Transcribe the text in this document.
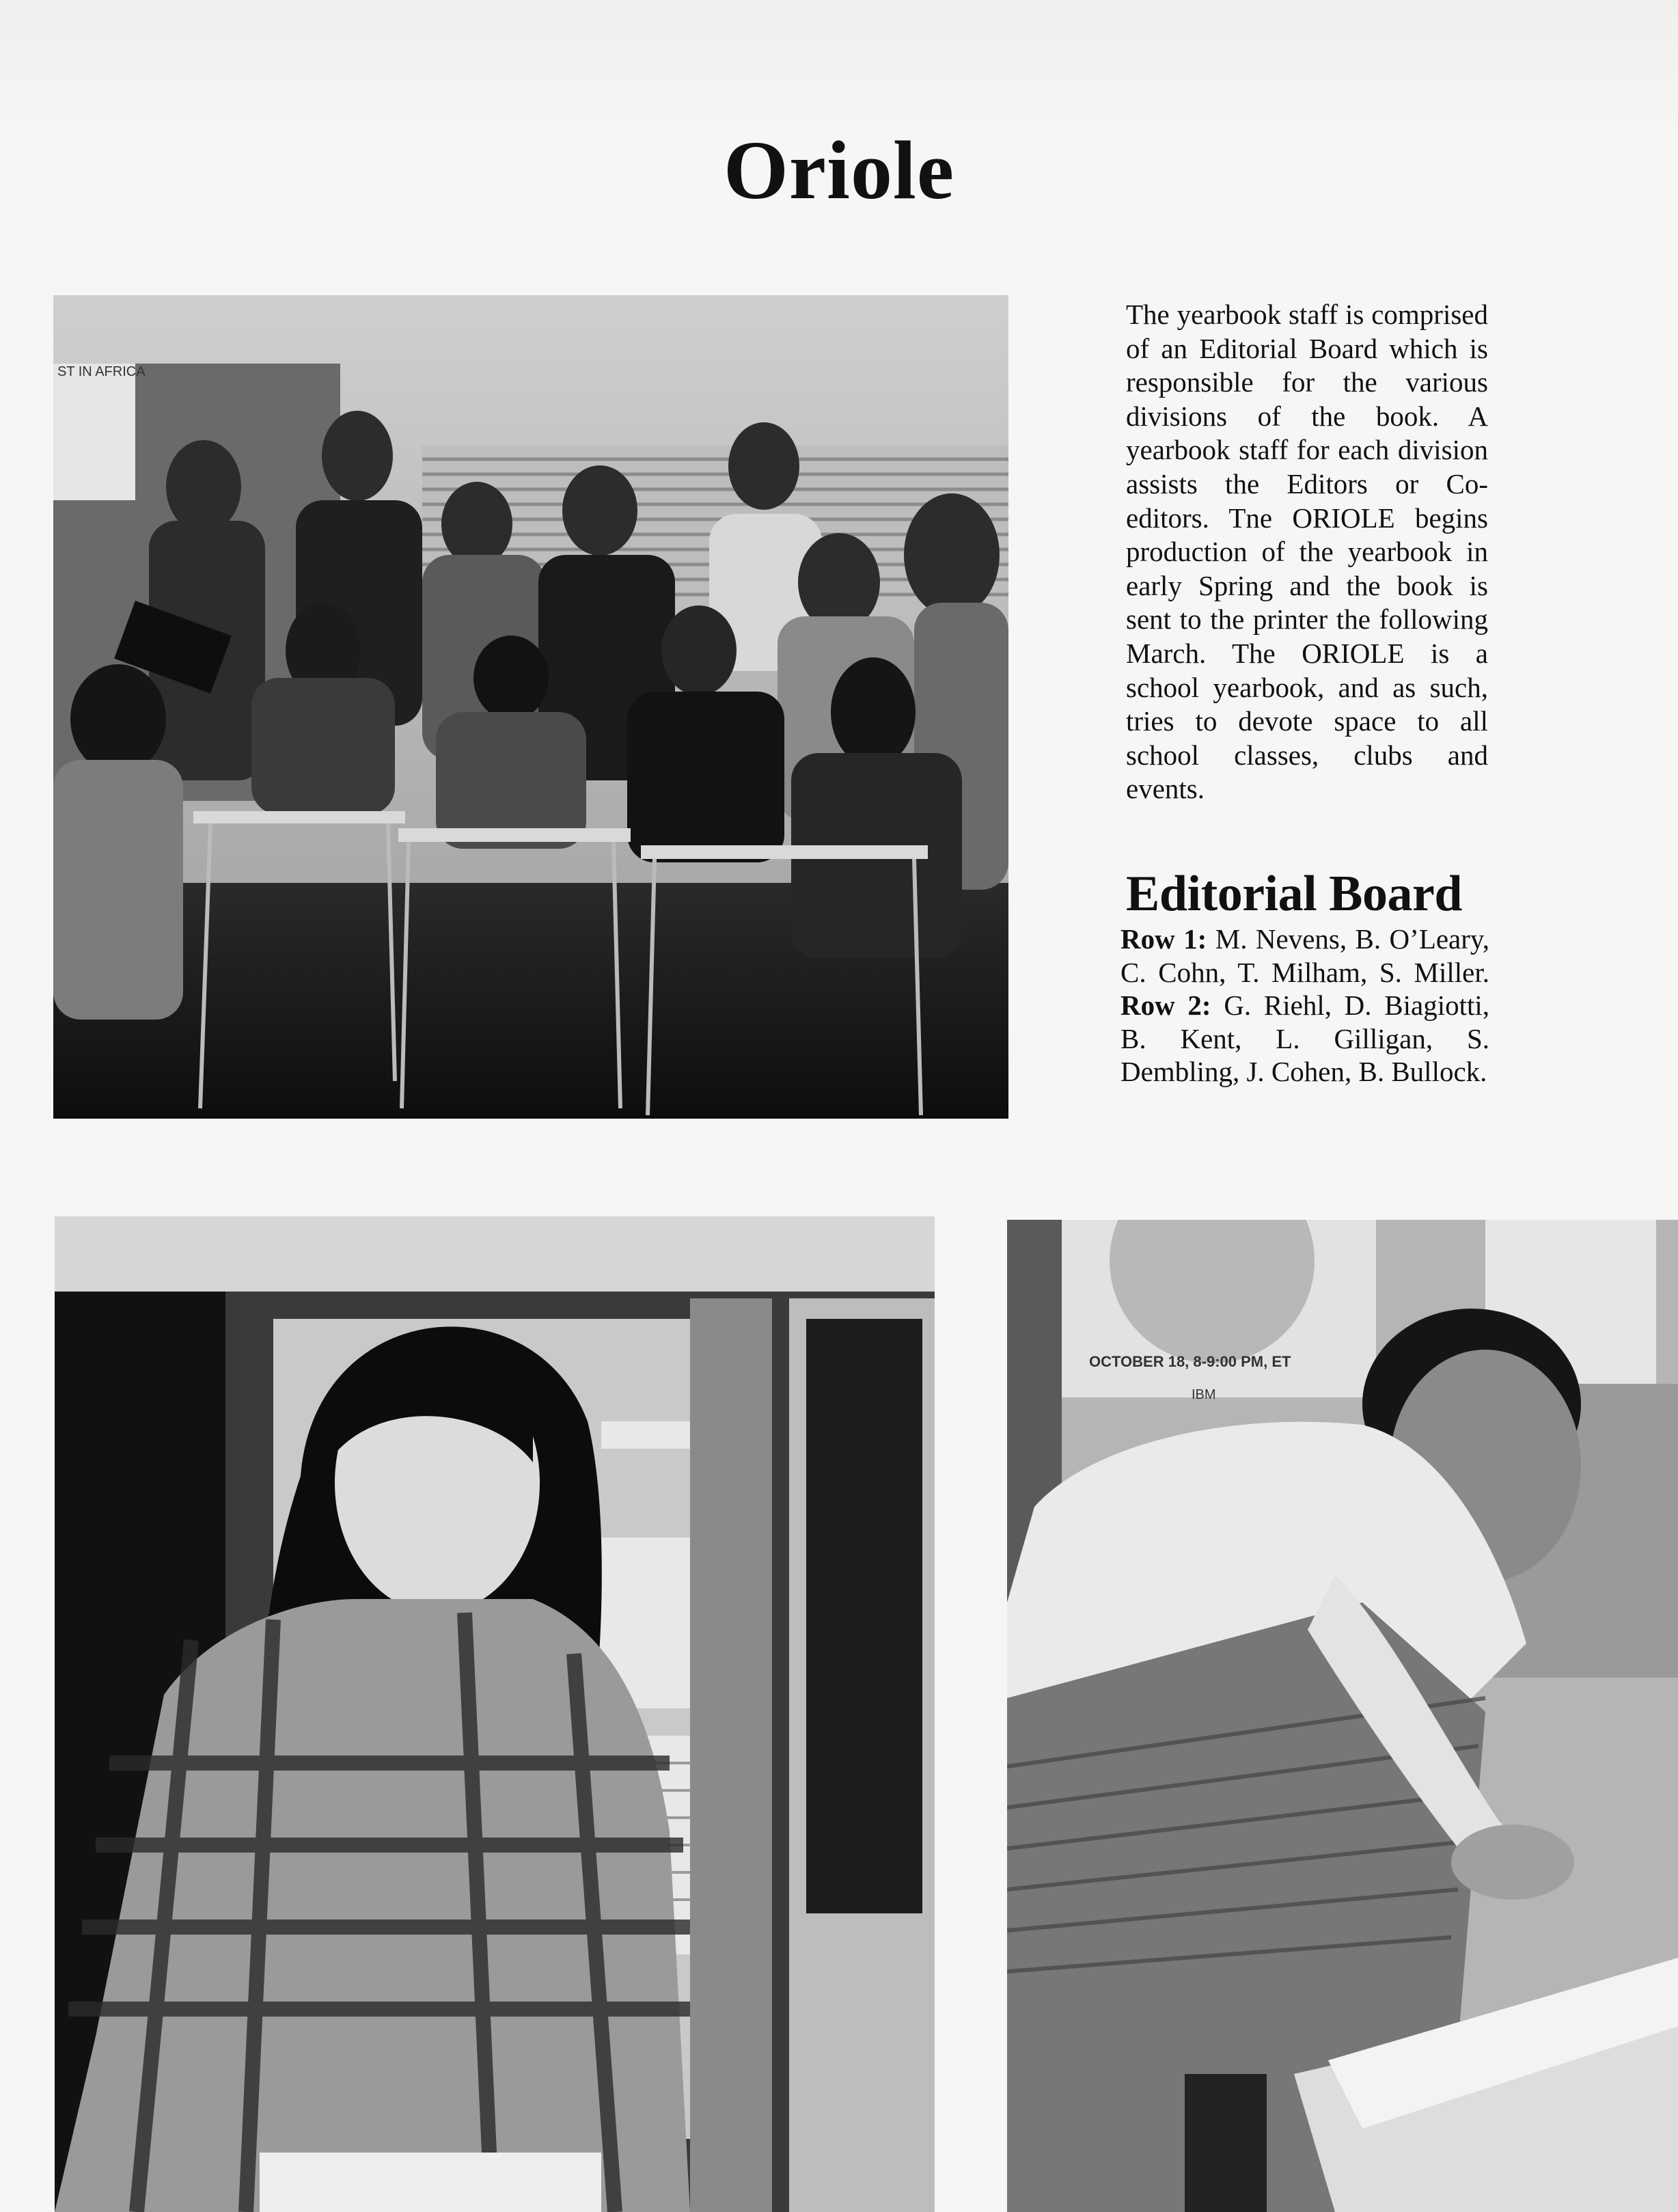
Oriole
ST IN AFRICA

The yearbook staff is comprised of an Editorial Board which is responsible for the various divisions of the book. A yearbook staff for each division assists the Editors or Co-editors. Tne ORIOLE begins production of the yearbook in early Spring and the book is sent to the printer the following March. The ORIOLE is a school yearbook, and as such, tries to devote space to all school classes, clubs and events.

Editorial Board

Row 1: M. Nevens, B. O’Leary, C. Cohn, T. Milham, S. Miller. Row 2: G. Riehl, D. Biagiotti, B. Kent, L. Gilligan, S. Dembling, J. Cohen, B. Bullock.

OCTOBER 18, 8-9:00 PM, ET
IBM
